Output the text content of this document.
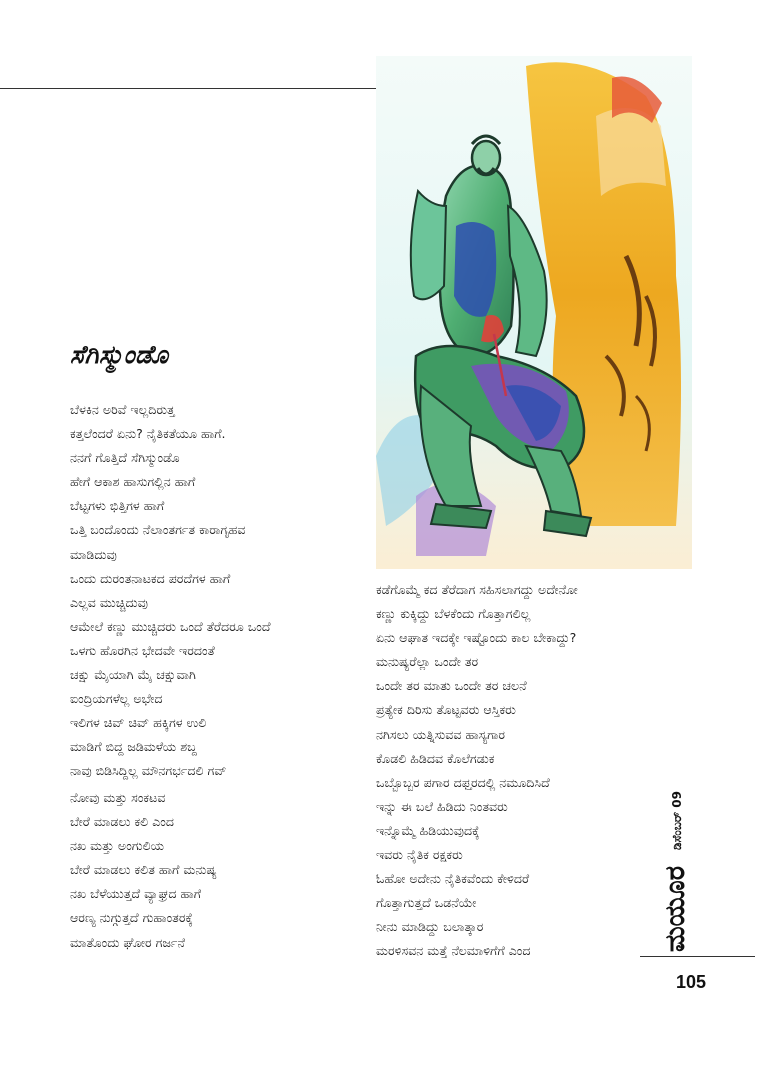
ಸೆಗಿಸ್ಮುಂಡೊ
ಬೆಳಕಿನ ಅರಿವೆ ಇಲ್ಲದಿರುತ್ತ
ಕತ್ತಲೆಂದರೆ ಏನು? ನೈತಿಕತೆಯೂ ಹಾಗೆ.
ನನಗೆ ಗೊತ್ತಿದೆ ಸೆಗಿಸ್ಮುಂಡೊ
ಹೇಗೆ ಆಕಾಶ ಹಾಸುಗಲ್ಲಿನ ಹಾಗೆ
ಬೆಟ್ಟಗಳು ಭಿತ್ತಿಗಳ ಹಾಗೆ
ಒತ್ತಿ ಬಂದೊಂದು ನೆಲಾಂತರ್ಗತ ಕಾರಾಗೃಹವ
ಮಾಡಿದುವು
ಒಂದು ದುರಂತನಾಟಕದ ಪರದೆಗಳ ಹಾಗೆ
ಎಲ್ಲವ ಮುಚ್ಚಿದುವು
ಆಮೇಲೆ ಕಣ್ಣು ಮುಚ್ಚಿದರು ಒಂದೆ ತೆರೆದರೂ ಒಂದೆ
ಒಳಗು ಹೊರಗಿನ ಭೇದವೇ ಇರದಂತೆ
ಚಕ್ಷು ಮೈಯಾಗಿ ಮೈ ಚಕ್ಷುವಾಗಿ
ಐಂದ್ರಿಯಗಳೆಲ್ಲ ಅಭೇದ
ಇಲಿಗಳ ಚಿವ್ ಚಿವ್ ಹಕ್ಕಿಗಳ ಉಲಿ
ಮಾಡಿಗೆ ಬಿದ್ದ ಜಡಿಮಳೆಯ ಶಬ್ದ
ನಾವು ಬಿಡಿಸಿದ್ದಿಲ್ಲ ಮೌನಗರ್ಭದಲಿ ಗವ್
ನೋವು ಮತ್ತು ಸಂಕಟವ
ಬೇರೆ ಮಾಡಲು ಕಲಿ ಎಂದ
ನಖ ಮತ್ತು ಅಂಗುಲಿಯ
ಬೇರೆ ಮಾಡಲು ಕಲಿತ ಹಾಗೆ ಮನುಷ್ಯ
ನಖ ಬೆಳೆಯುತ್ತದೆ ವ್ಯಾಘ್ರದ ಹಾಗೆ
ಆರಣ್ಯ ನುಗ್ಗುತ್ತದೆ ಗುಹಾಂತರಕ್ಕೆ
ಮಾತೊಂದು ಘೋರ ಗರ್ಜನೆ
ಕಡೆಗೊಮ್ಮೆ ಕದ ತೆರೆದಾಗ ಸಹಿಸಲಾಗದ್ದು ಅದೇನೋ
ಕಣ್ಣು ಕುಕ್ಕಿದ್ದು ಬೆಳಕೆಂದು ಗೊತ್ತಾಗಲಿಲ್ಲ
ಏನು ಆಘಾತ ಇದಕ್ಕೇ ಇಷ್ಟೊಂದು ಕಾಲ ಬೇಕಾದ್ದು?
ಮನುಷ್ಯರೆಲ್ಲಾ ಒಂದೇ ತರ
ಒಂದೇ ತರ ಮಾತು ಒಂದೇ ತರ ಚಲನೆ
ಪ್ರತ್ಯೇಕ ದಿರಿಸು ತೊಟ್ಟವರು ಆಸ್ತಿಕರು
ನಗಿಸಲು ಯತ್ನಿಸುವವ ಹಾಸ್ಯಗಾರ
ಕೊಡಲಿ ಹಿಡಿದವ ಕೊಲೆಗಡುಕ
ಒಬ್ಬೊಬ್ಬರ ಪಗಾರ ದಫ್ತರದಲ್ಲಿ ನಮೂದಿಸಿದೆ
ಇನ್ನು ಈ ಬಲೆ ಹಿಡಿದು ನಿಂತವರು
ಇನ್ನೊಮ್ಮೆ ಹಿಡಿಯುವುದಕ್ಕೆ
ಇವರು ನೈತಿಕ ರಕ್ಷಕರು
ಓಹೋ ಅದೇನು ನೈತಿಕವೆಂದು ಕೇಳಿದರೆ
ಗೊತ್ತಾಗುತ್ತದೆ ಒಡನೆಯೇ
ನೀನು ಮಾಡಿದ್ದು ಬಲಾತ್ಕಾರ
ಮರಳಿಸವನ ಮತ್ತೆ ನೆಲಮಾಳಿಗೆಗೆ ಎಂದ
ಡಿಸೆಂಬರ್ 09
ಮಯೂರ
105
